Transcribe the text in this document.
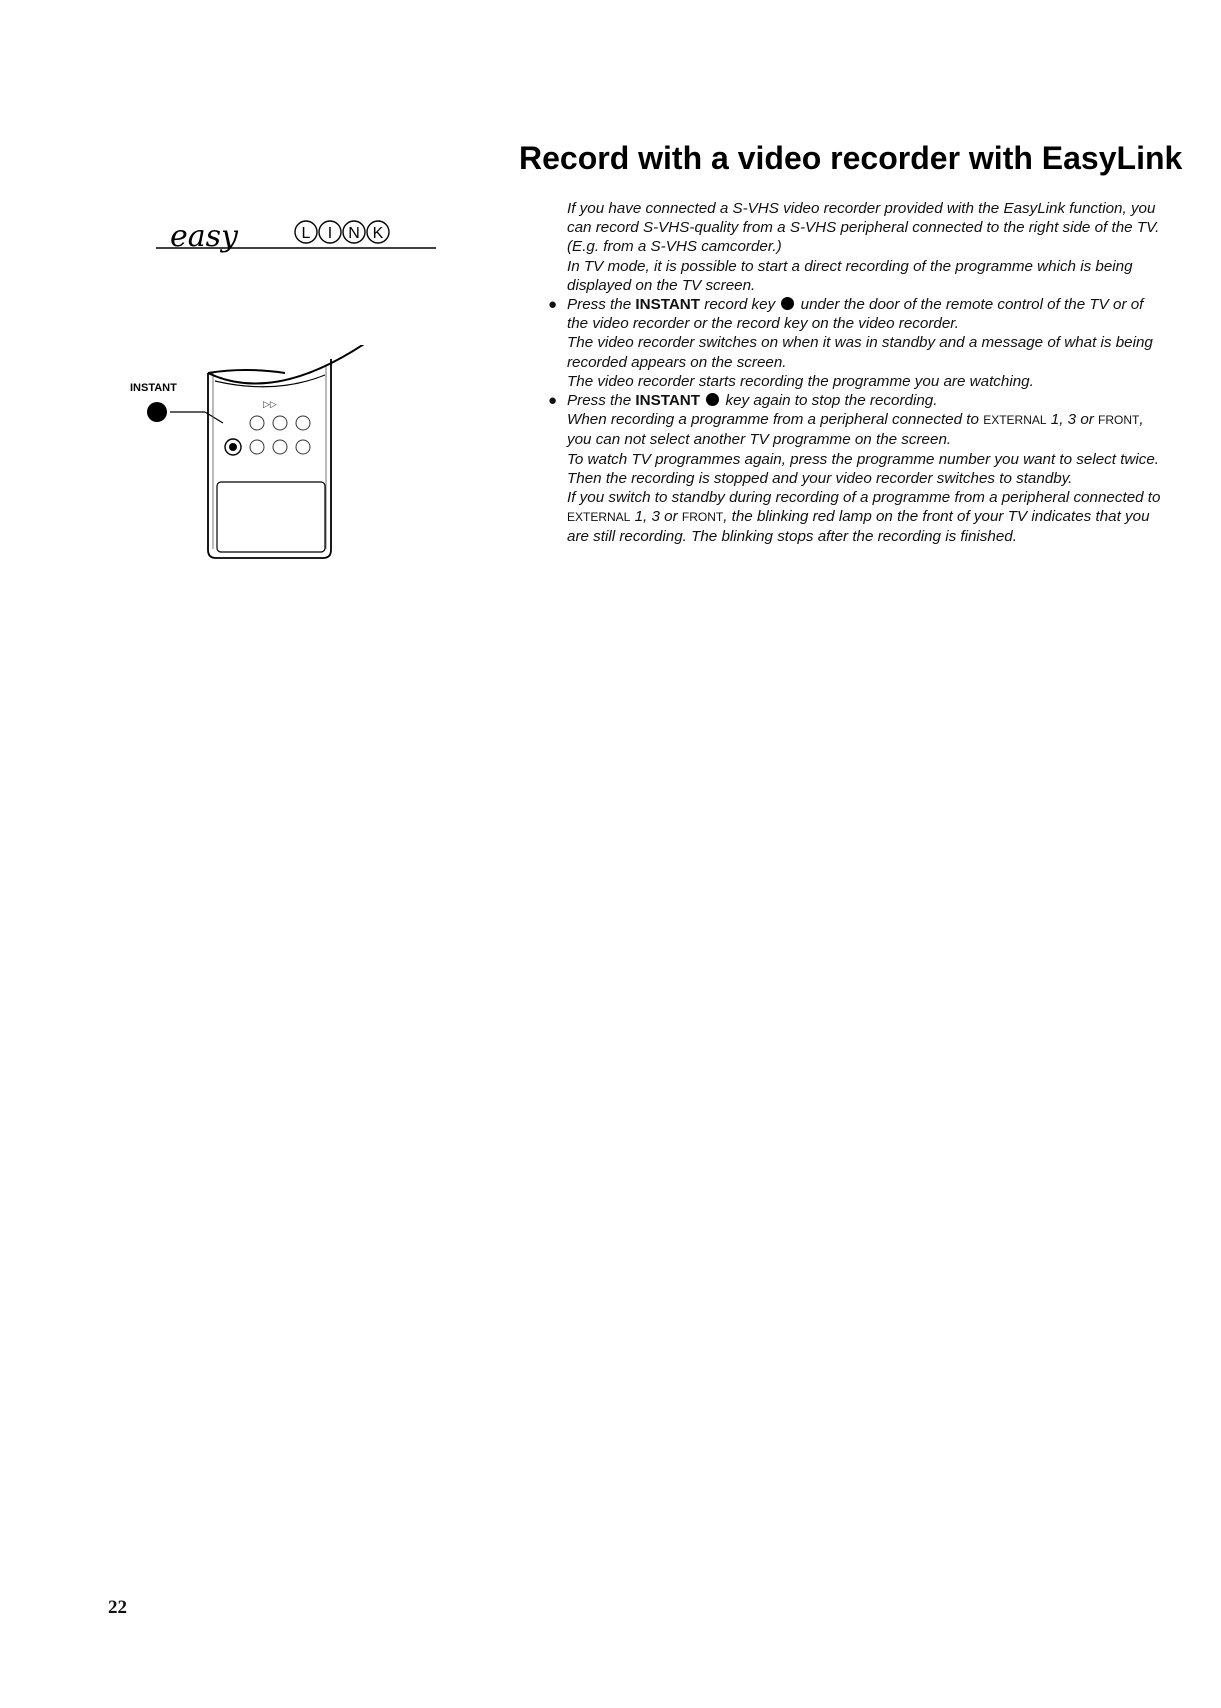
Record with a video recorder with EasyLink
easy	L I N K
INSTANT
▷▷

If you have connected a S-VHS video recorder provided with the EasyLink function, you can record S-VHS-quality from a S-VHS peripheral connected to the right side of the TV. (E.g. from a S-VHS camcorder.)

In TV mode, it is possible to start a direct recording of the programme which is being displayed on the TV screen.

● Press the INSTANT record key  under the door of the remote control of the TV or of the video recorder or the record key on the video recorder.

The video recorder switches on when it was in standby and a message of what is being recorded appears on the screen.

The video recorder starts recording the programme you are watching.

● Press the INSTANT  key again to stop the recording.

When recording a programme from a peripheral connected to EXTERNAL 1, 3 or FRONT, you can not select another TV programme on the screen.

To watch TV programmes again, press the programme number you want to select twice. Then the recording is stopped and your video recorder switches to standby.

If you switch to standby during recording of a programme from a peripheral connected to EXTERNAL 1, 3 or FRONT, the blinking red lamp on the front of your TV indicates that you are still recording. The blinking stops after the recording is finished.

22
